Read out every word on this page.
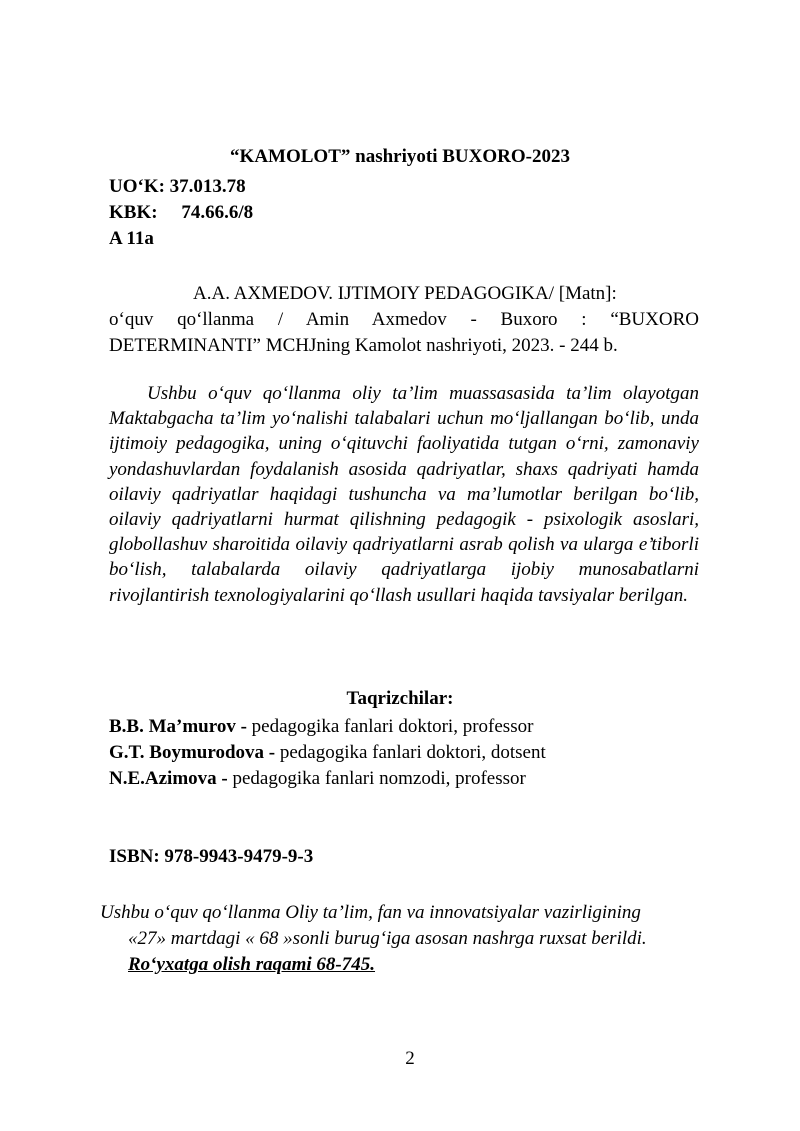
“KAMOLOT” nashriyoti BUXORO-2023
UO‘K: 37.013.78
KBK: 74.66.6/8
A 11a
A.A. AXMEDOV. IJTIMOIY PEDAGOGIKA/ [Matn]:
o‘quv qo‘llanma / Amin Axmedov - Buxoro : “BUXORO
DETERMINANTI” MCHJning Kamolot nashriyoti, 2023. - 244 b.
Ushbu o‘quv qo‘llanma oliy ta’lim muassasasida ta’lim olayotgan Maktabgacha ta’lim yo‘nalishi talabalari uchun mo‘ljallangan bo‘lib, unda ijtimoiy pedagogika, uning o‘qituvchi faoliyatida tutgan o‘rni, zamonaviy yondashuvlardan foydalanish asosida qadriyatlar, shaxs qadriyati hamda oilaviy qadriyatlar haqidagi tushuncha va ma’lumotlar berilgan bo‘lib, oilaviy qadriyatlarni hurmat qilishning pedagogik - psixologik asoslari, globollashuv sharoitida oilaviy qadriyatlarni asrab qolish va ularga e’tiborli bo‘lish, talabalarda oilaviy qadriyatlarga ijobiy munosabatlarni rivojlantirish texnologiyalarini qo‘llash usullari haqida tavsiyalar berilgan.
Taqrizchilar:
B.B. Ma’murov - pedagogika fanlari doktori, professor
G.T. Boymurodova - pedagogika fanlari doktori, dotsent
N.E.Azimova - pedagogika fanlari nomzodi, professor
ISBN: 978-9943-9479-9-3
Ushbu o‘quv qo‘llanma Oliy ta’lim, fan va innovatsiyalar vazirligining
«27» martdagi « 68 »sonli burug‘iga asosan nashrga ruxsat berildi.
Ro‘yxatga olish raqami 68-745.
2
